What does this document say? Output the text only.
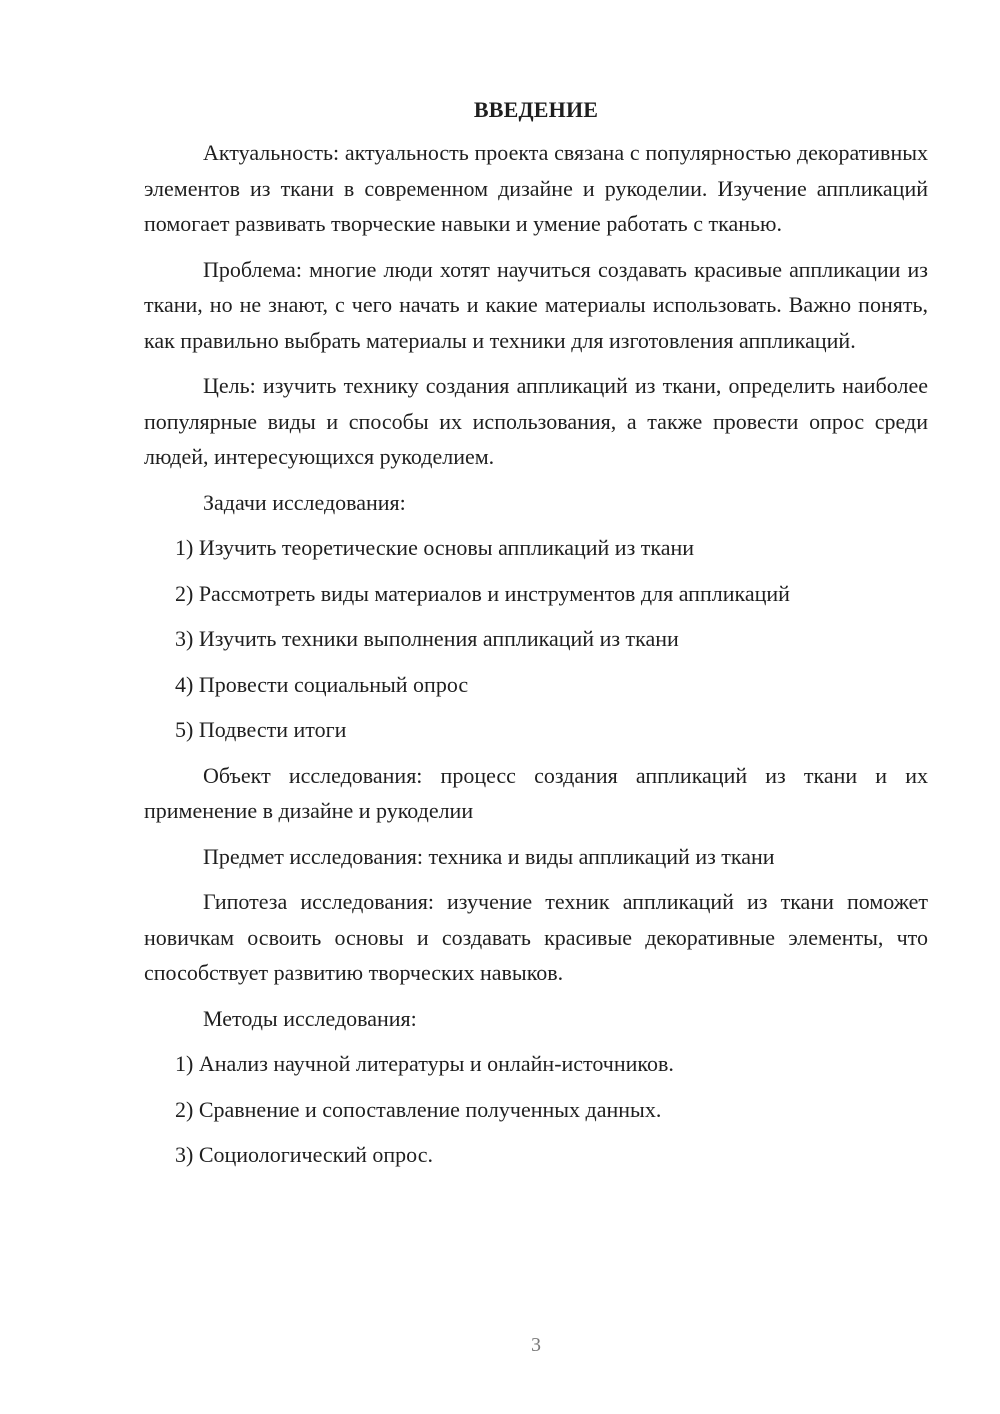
ВВЕДЕНИЕ

Актуальность: актуальность проекта связана с популярностью декоративных элементов из ткани в современном дизайне и рукоделии. Изучение аппликаций помогает развивать творческие навыки и умение работать с тканью.

Проблема: многие люди хотят научиться создавать красивые аппликации из ткани, но не знают, с чего начать и какие материалы использовать. Важно понять, как правильно выбрать материалы и техники для изготовления аппликаций.

Цель: изучить технику создания аппликаций из ткани, определить наиболее популярные виды и способы их использования, а также провести опрос среди людей, интересующихся рукоделием.

Задачи исследования:

1) Изучить теоретические основы аппликаций из ткани

2) Рассмотреть виды материалов и инструментов для аппликаций

3) Изучить техники выполнения аппликаций из ткани

4) Провести социальный опрос

5) Подвести итоги

Объект исследования: процесс создания аппликаций из ткани и их применение в дизайне и рукоделии

Предмет исследования: техника и виды аппликаций из ткани

Гипотеза исследования: изучение техник аппликаций из ткани поможет новичкам освоить основы и создавать красивые декоративные элементы, что способствует развитию творческих навыков.

Методы исследования:

1) Анализ научной литературы и онлайн-источников.

2) Сравнение и сопоставление полученных данных.

3) Социологический опрос.

3
